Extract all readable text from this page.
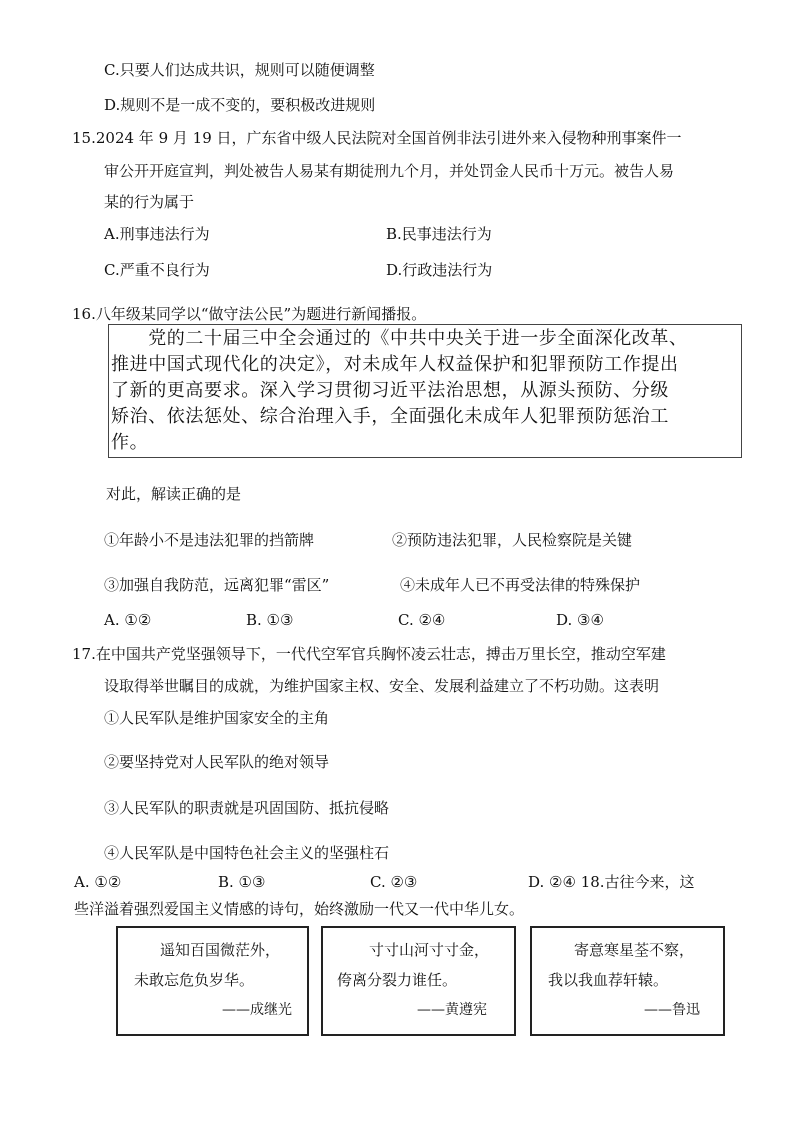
C.只要人们达成共识，规则可以随便调整
D.规则不是一成不变的，要积极改进规则
15.2024 年 9 月 19 日，广东省中级人民法院对全国首例非法引进外来入侵物种刑事案件一
审公开开庭宣判，判处被告人易某有期徒刑九个月，并处罚金人民币十万元。被告人易
某的行为属于
A.刑事违法行为	B.民事违法行为
C.严重不良行为	D.行政违法行为
16.八年级某同学以“做守法公民”为题进行新闻播报。
　　党的二十届三中全会通过的《中共中央关于进一步全面深化改革、
推进中国式现代化的决定》，对未成年人权益保护和犯罪预防工作提出
了新的更高要求。深入学习贯彻习近平法治思想，从源头预防、分级
矫治、依法惩处、综合治理入手，全面强化未成年人犯罪预防惩治工
作。
对此，解读正确的是
①年龄小不是违法犯罪的挡箭牌	②预防违法犯罪，人民检察院是关键
③加强自我防范，远离犯罪“雷区”	④未成年人已不再受法律的特殊保护
A. ①②	B. ①③	C. ②④	D. ③④
17.在中国共产党坚强领导下，一代代空军官兵胸怀凌云壮志，搏击万里长空，推动空军建
设取得举世瞩目的成就，为维护国家主权、安全、发展利益建立了不朽功勋。这表明
①人民军队是维护国家安全的主角
②要坚持党对人民军队的绝对领导
③人民军队的职责就是巩固国防、抵抗侵略
④人民军队是中国特色社会主义的坚强柱石
A. ①②	B. ①③	C. ②③	D. ②④ 18.古往今来，这
些洋溢着强烈爱国主义情感的诗句，始终激励一代又一代中华儿女。
遥知百国微茫外，
未敢忘危负岁华。
——成继光
寸寸山河寸寸金，
侉离分裂力谁任。
——黄遵宪
寄意寒星荃不察，
我以我血荐轩辕。
——鲁迅
